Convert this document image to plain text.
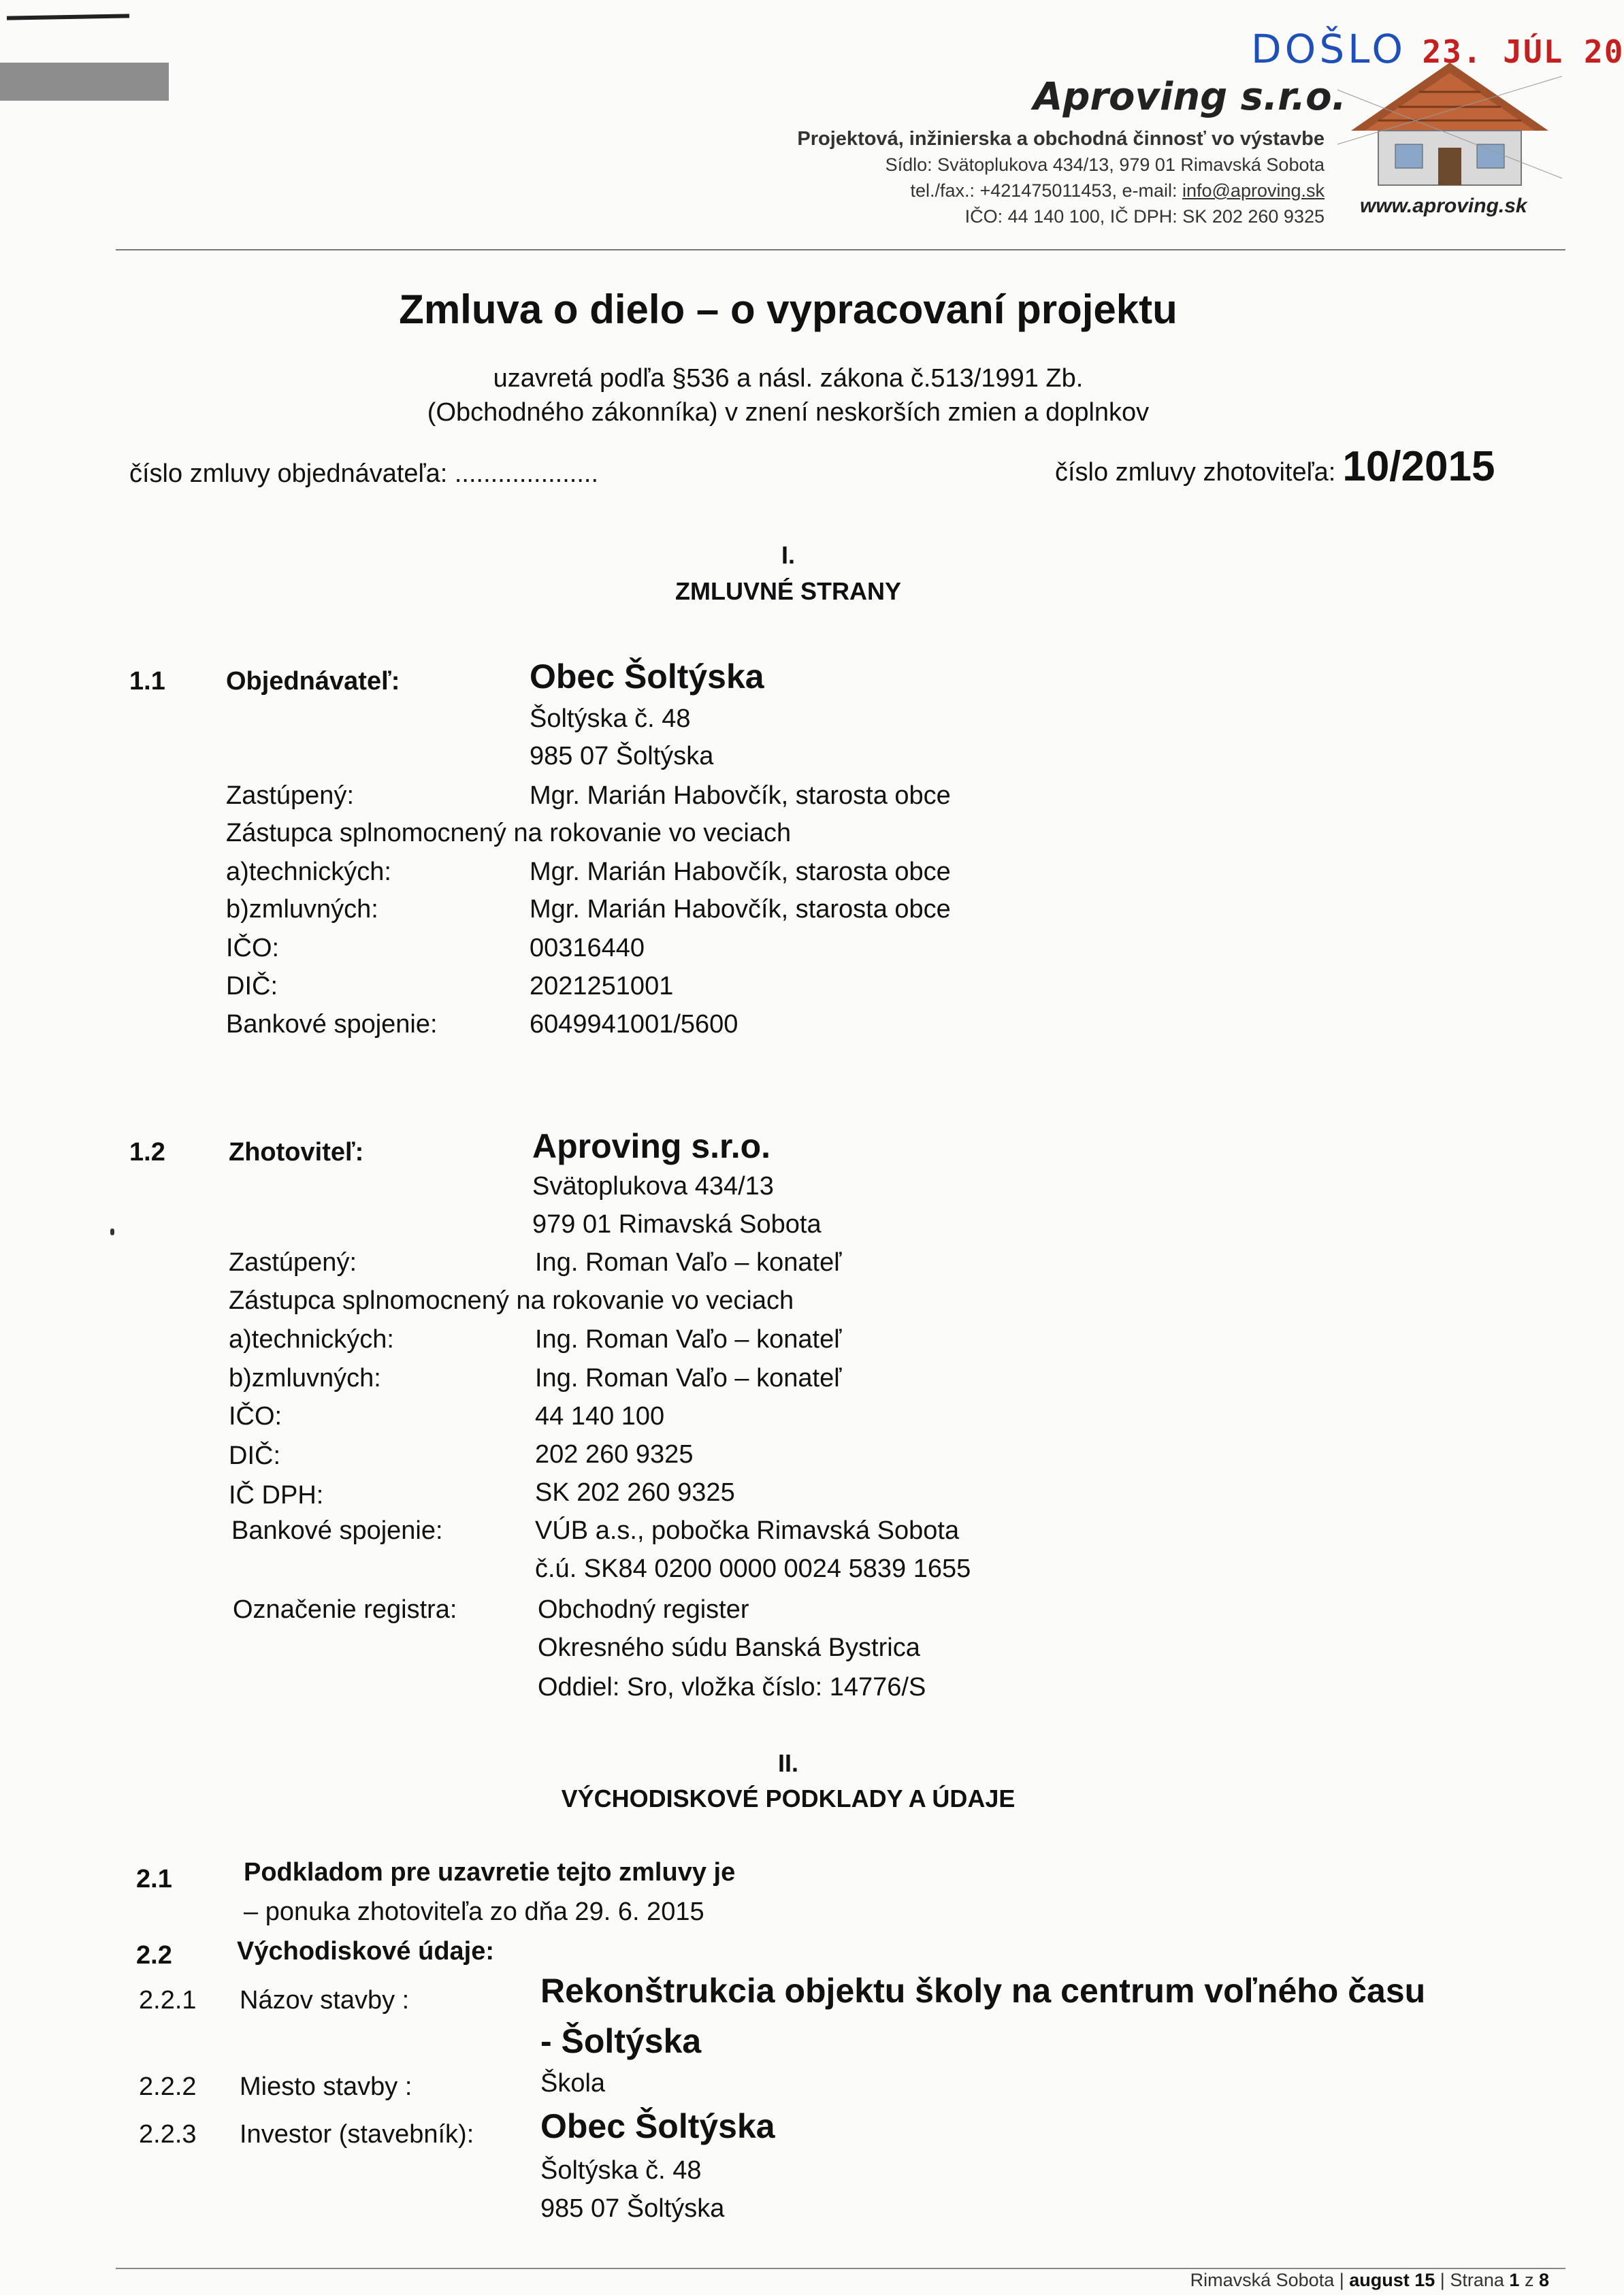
DOŠLO 23. JÚL 20
Aproving s.r.o.
Projektová, inžinierska a obchodná činnosť vo výstavbe
Sídlo: Svätoplukova 434/13, 979 01 Rimavská Sobota
tel./fax.: +421475011453, e-mail: info@aproving.sk
IČO: 44 140 100, IČ DPH: SK 202 260 9325 www.aproving.sk
Zmluva o dielo – o vypracovaní projektu
uzavretá podľa §536 a násl. zákona č.513/1991 Zb.
(Obchodného zákonníka) v znení neskorších zmien a doplnkov
číslo zmluvy objednávateľa: ....................	číslo zmluvy zhotoviteľa: 10/2015
I.
ZMLUVNÉ STRANY
1.1 Objednávateľ:	Obec Šoltýska
Šoltýska č. 48
985 07 Šoltýska
Zastúpený:	Mgr. Marián Habovčík, starosta obce
Zástupca splnomocnený na rokovanie vo veciach
a)technických:	Mgr. Marián Habovčík, starosta obce
b)zmluvných:	Mgr. Marián Habovčík, starosta obce
IČO:	00316440
DIČ:	2021251001
Bankové spojenie:	6049941001/5600
1.2 Zhotoviteľ:	Aproving s.r.o.
Svätoplukova 434/13
979 01 Rimavská Sobota
Zastúpený:	Ing. Roman Vaľo – konateľ
Zástupca splnomocnený na rokovanie vo veciach
a)technických:	Ing. Roman Vaľo – konateľ
b)zmluvných:	Ing. Roman Vaľo – konateľ
IČO:	44 140 100
DIČ:	202 260 9325
IČ DPH:	SK 202 260 9325
Bankové spojenie:	VÚB a.s., pobočka Rimavská Sobota
č.ú. SK84 0200 0000 0024 5839 1655
Označenie registra:	Obchodný register
Okresného súdu Banská Bystrica
Oddiel: Sro, vložka číslo: 14776/S
II.
VÝCHODISKOVÉ PODKLADY A ÚDAJE
2.1	Podkladom pre uzavretie tejto zmluvy je
– ponuka zhotoviteľa zo dňa 29. 6. 2015
2.2	Východiskové údaje:
2.2.1 Názov stavby :	Rekonštrukcia objektu školy na centrum voľného času
- Šoltýska
2.2.2 Miesto stavby :	Škola
2.2.3 Investor (stavebník): Obec Šoltýska
Šoltýska č. 48
985 07 Šoltýska
Rimavská Sobota | august 15 | Strana 1 z 8
